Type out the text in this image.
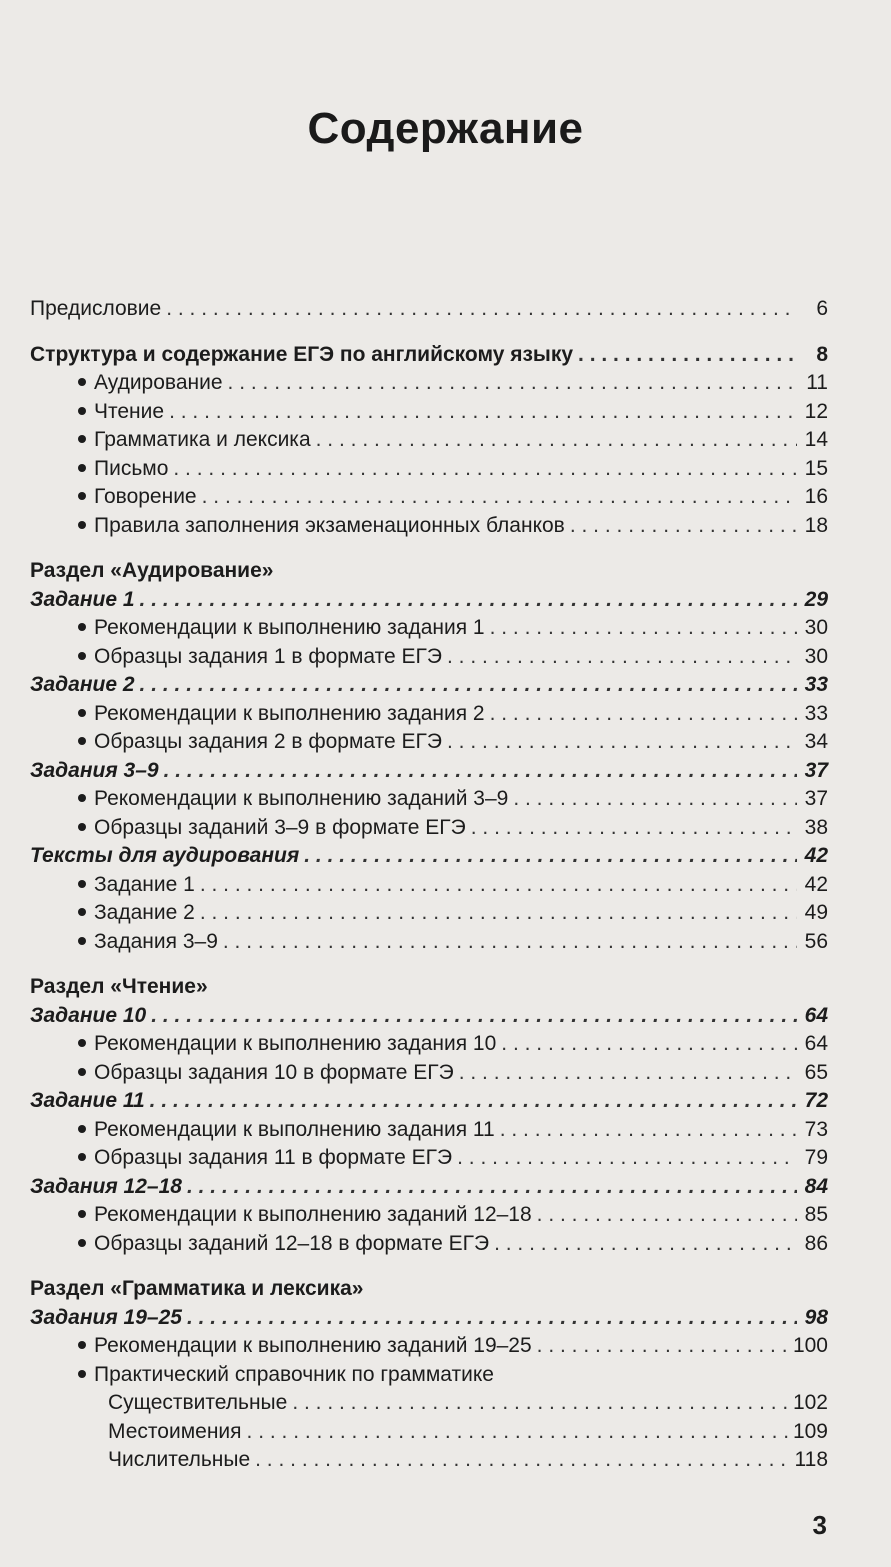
Содержание
Предисловие . . .	6
Структура и содержание ЕГЭ по английскому языку . . .	8
Аудирование . . .	11
Чтение . . .	12
Грамматика и лексика . . .	14
Письмо . . .	15
Говорение . . .	16
Правила заполнения экзаменационных бланков . . .	18
Раздел «Аудирование»
Задание 1 . . .	29
Рекомендации к выполнению задания 1 . . .	30
Образцы задания 1 в формате ЕГЭ . . .	30
Задание 2 . . .	33
Рекомендации к выполнению задания 2 . . .	33
Образцы задания 2 в формате ЕГЭ . . .	34
Задания 3–9 . . .	37
Рекомендации к выполнению заданий 3–9 . . .	37
Образцы заданий 3–9 в формате ЕГЭ . . .	38
Тексты для аудирования . . .	42
Задание 1 . . .	42
Задание 2 . . .	49
Задания 3–9 . . .	56
Раздел «Чтение»
Задание 10 . . .	64
Рекомендации к выполнению задания 10 . . .	64
Образцы задания 10 в формате ЕГЭ . . .	65
Задание 11 . . .	72
Рекомендации к выполнению задания 11 . . .	73
Образцы задания 11 в формате ЕГЭ . . .	79
Задания 12–18 . . .	84
Рекомендации к выполнению заданий 12–18 . . .	85
Образцы заданий 12–18 в формате ЕГЭ . . .	86
Раздел «Грамматика и лексика»
Задания 19–25 . . .	98
Рекомендации к выполнению заданий 19–25 . . .	100
Практический справочник по грамматике
Существительные . . .	102
Местоимения . . .	109
Числительные . . .	118
3
